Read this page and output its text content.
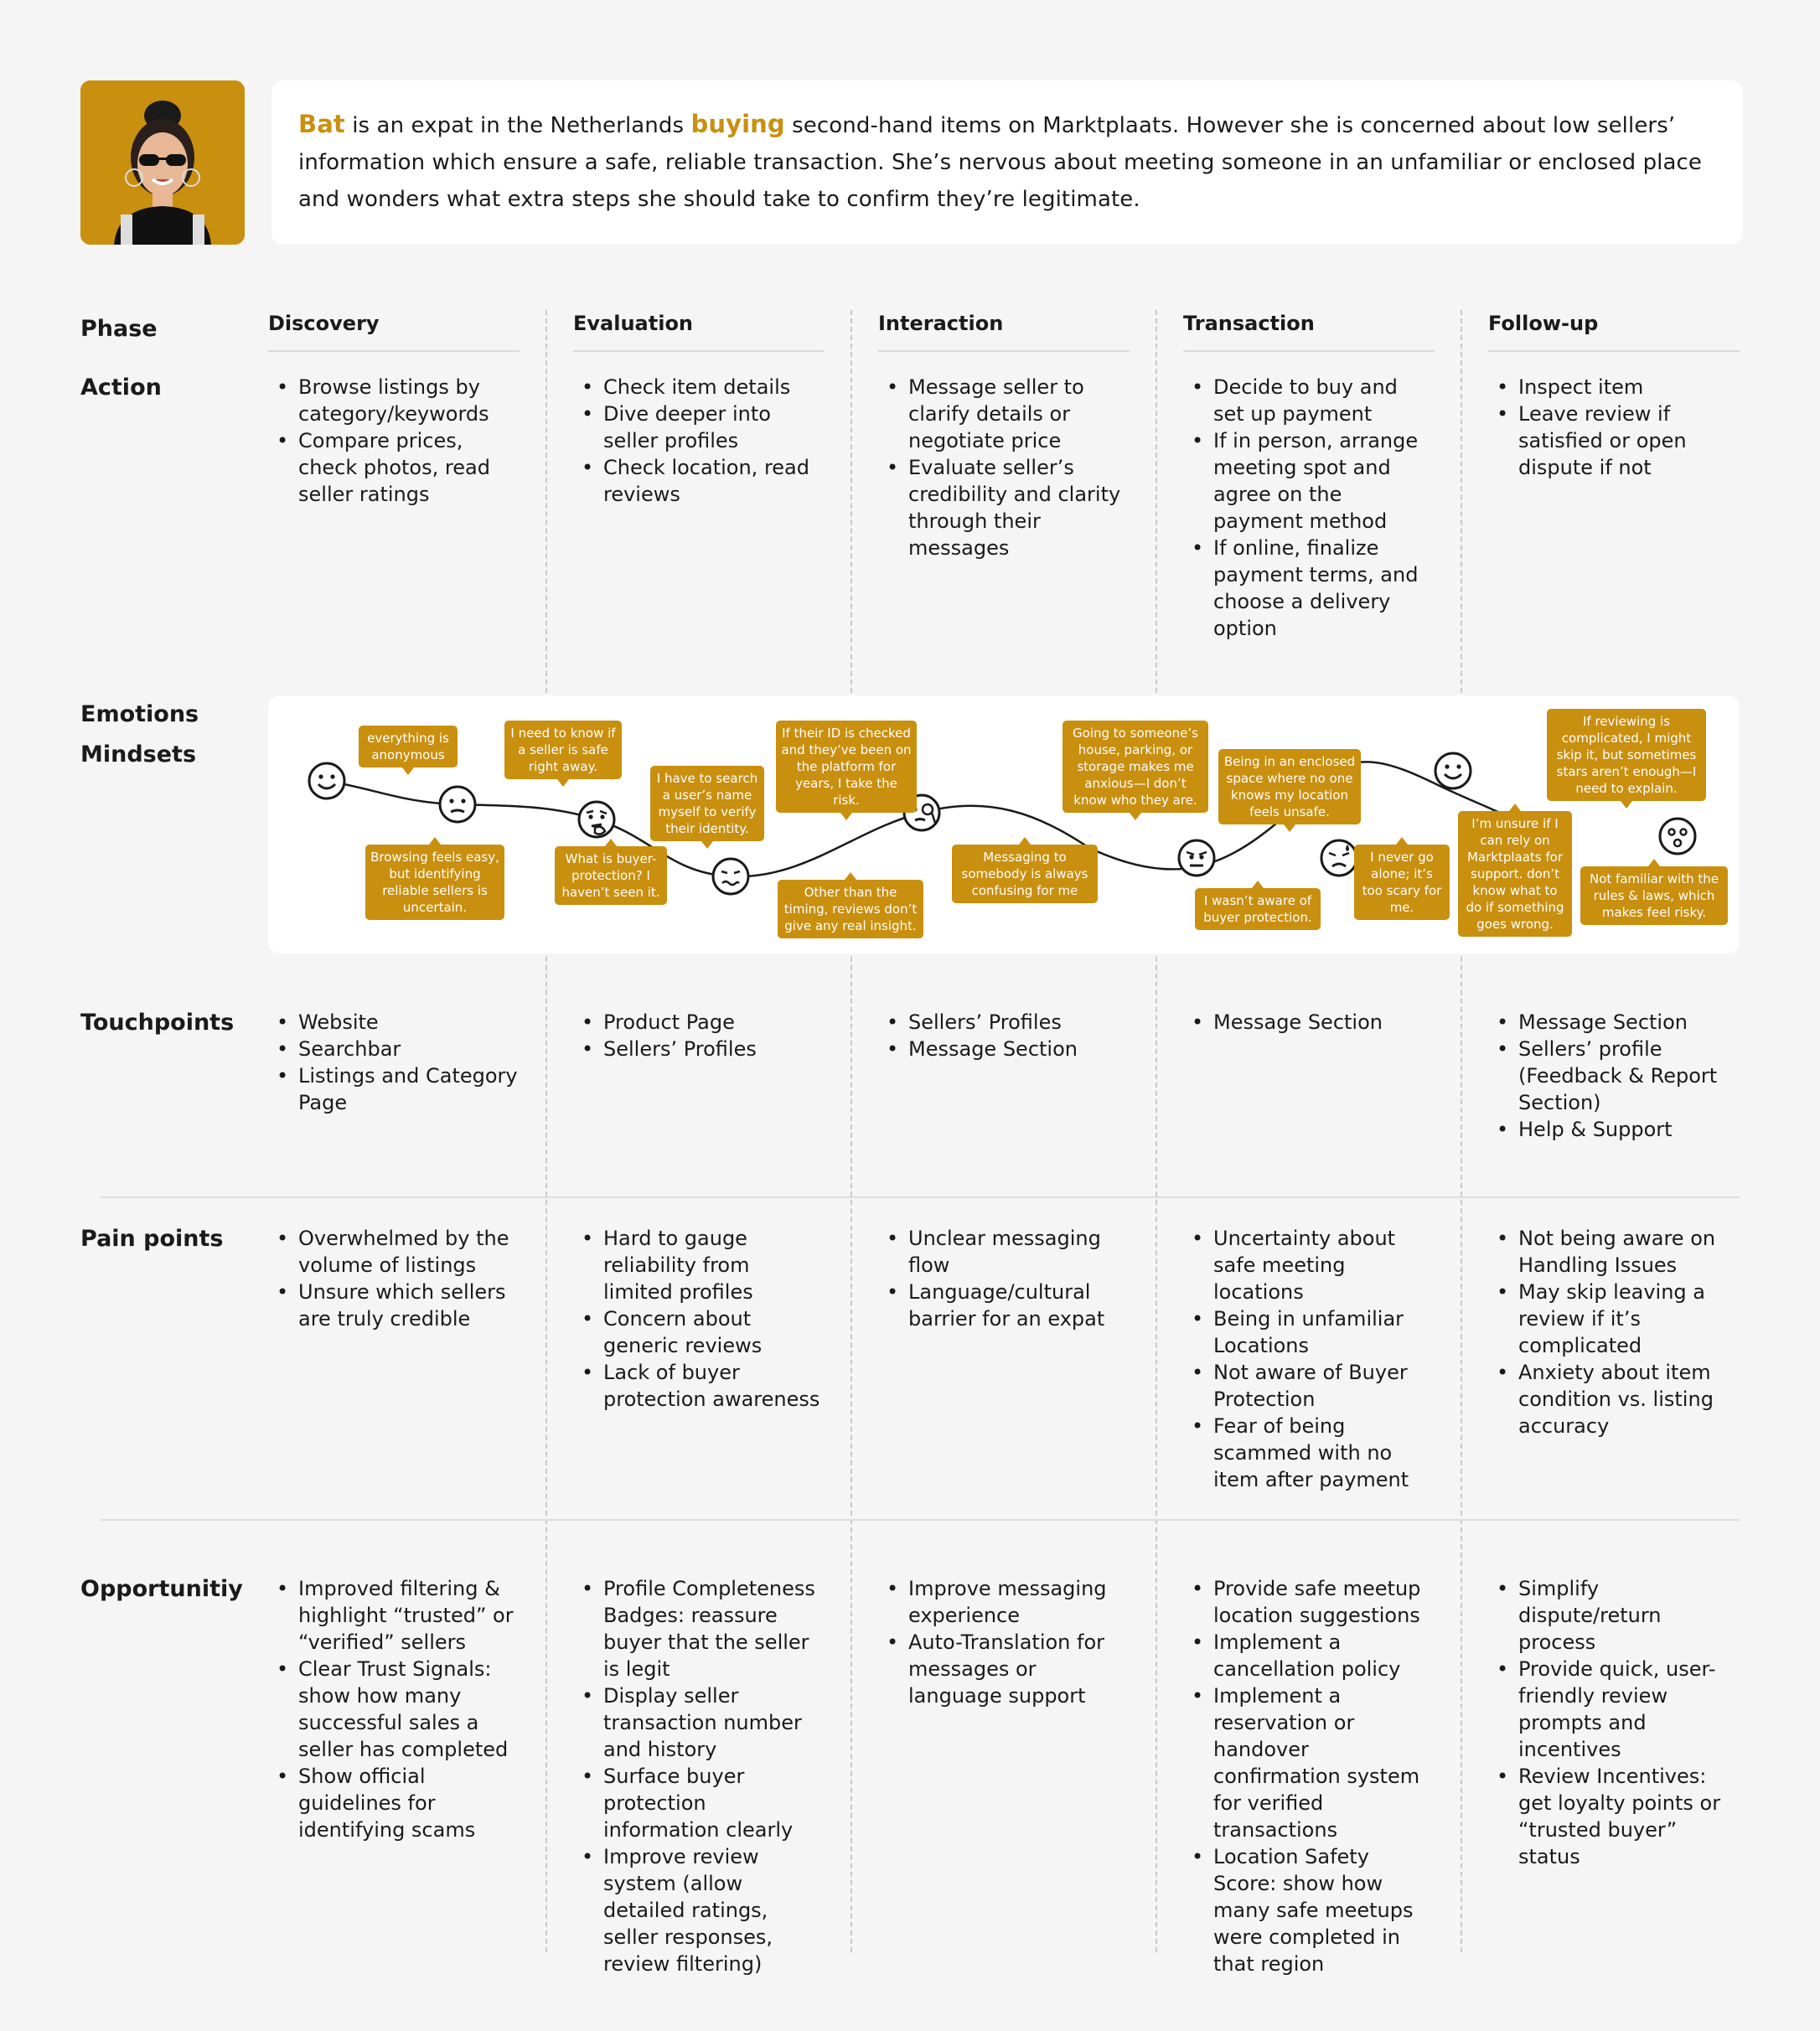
Bat is an expat in the Netherlands buying second-hand items on Marktplaats. However she is concerned about low sellers’ information which ensure a safe, reliable transaction. She’s nervous about meeting someone in an unfamiliar or enclosed place and wonders what extra steps she should take to confirm they’re legitimate.
Phase
Action
Emotions
Mindsets
Touchpoints
Pain points
Opportunitiy
Discovery	Evaluation	Interaction	Transaction	Follow-up
• Browse listings by category/keywords
• Compare prices, check photos, read seller ratings
• Check item details
• Dive deeper into seller profiles
• Check location, read reviews
• Message seller to clarify details or negotiate price
• Evaluate seller’s credibility and clarity through their messages
• Decide to buy and set up payment
• If in person, arrange meeting spot and agree on the payment method
• If online, finalize payment terms, and choose a delivery option
• Inspect item
• Leave review if satisfied or open dispute if not
everything is anonymous
Browsing feels easy, but identifying reliable sellers is uncertain.
I need to know if a seller is safe right away.
What is buyer-protection? I haven’t seen it.
I have to search a user’s name myself to verify their identity.
If their ID is checked and they’ve been on the platform for years, I take the risk.
Other than the timing, reviews don’t give any real insight.
Messaging to somebody is always confusing for me
Going to someone’s house, parking, or storage makes me anxious—I don’t know who they are.
Being in an enclosed space where no one knows my location feels unsafe.
I wasn’t aware of buyer protection.
I never go alone; it’s too scary for me.
I’m unsure if I can rely on Marktplaats for support. don’t know what to do if something goes wrong.
If reviewing is complicated, I might skip it, but sometimes stars aren’t enough—I need to explain.
Not familiar with the rules & laws, which makes feel risky.
• Website
• Searchbar
• Listings and Category Page
• Product Page
• Sellers’ Profiles
• Sellers’ Profiles
• Message Section
• Message Section
•	Message Section
• Sellers’ profile (Feedback & Report Section)
• Help & Support
• Overwhelmed by the volume of listings
• Unsure which sellers are truly credible
• Hard to gauge reliability from limited profiles
• Concern about generic reviews
• Lack of buyer protection awareness
• Unclear messaging flow
• Language/cultural barrier for an expat
• Uncertainty about safe meeting locations
• Being in unfamiliar Locations
• Not aware of Buyer Protection
• Fear of being scammed with no item after payment
• Not being aware on Handling Issues
• May skip leaving a review if it’s complicated
• Anxiety about item condition vs. listing accuracy
• Improved filtering & highlight “trusted” or “verified” sellers
• Clear Trust Signals: show how many successful sales a seller has completed
• Show official guidelines for identifying scams
• Profile Completeness Badges: reassure buyer that the seller is legit
• Display seller transaction number and history
• Surface buyer protection information clearly
• Improve review system (allow detailed ratings, seller responses, review filtering)
• Improve messaging experience
• Auto-Translation for messages or language support
• Provide safe meetup location suggestions
• Implement a cancellation policy
• Implement a reservation or handover confirmation system for verified transactions
• Location Safety Score: show how many safe meetups were completed in that region
• Simplify dispute/return process
• Provide quick, user-friendly review prompts and incentives
• Review Incentives: get loyalty points or “trusted buyer” status
